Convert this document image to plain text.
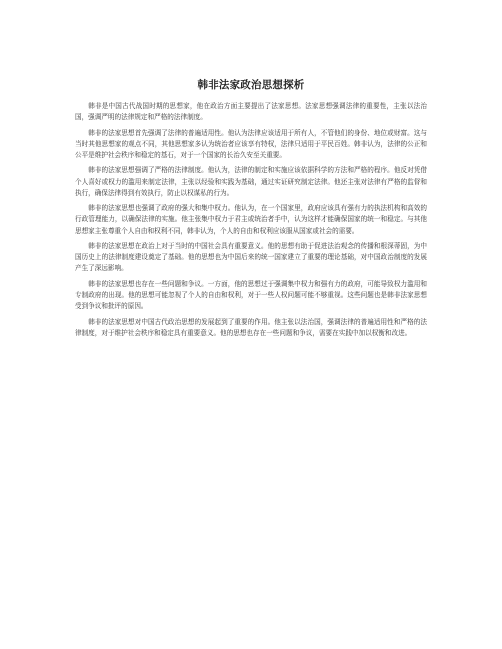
韩非法家政治思想探析

韩非是中国古代战国时期的思想家，他在政治方面主要提出了法家思想。法家思想强调法律的重要性，主张以法治国，强调严明的法律规定和严格的法律制度。

韩非的法家思想首先强调了法律的普遍适用性。他认为法律应该适用于所有人，不管他们的身份、地位或财富。这与当时其他思想家的观点不同，其他思想家多认为统治者应该享有特权，法律只适用于平民百姓。韩非认为，法律的公正和公平是维护社会秩序和稳定的基石，对于一个国家的长治久安至关重要。

韩非的法家思想强调了严格的法律制度。他认为，法律的制定和实施应该依据科学的方法和严格的程序。他反对凭借个人喜好或权力的滥用来制定法律，主张以经验和实践为基础，通过实证研究制定法律。他还主张对法律有严格的监督和执行，确保法律得到有效执行，防止以权谋私的行为。

韩非的法家思想也强调了政府的强大和集中权力。他认为，在一个国家里，政府应该具有强有力的执法机构和高效的行政管理能力，以确保法律的实施。他主张集中权力于君主或统治者手中，认为这样才能确保国家的统一和稳定。与其他思想家主张尊重个人自由和权利不同，韩非认为，个人的自由和权利应该服从国家或社会的需要。

韩非的法家思想在政治上对于当时的中国社会具有重要意义。他的思想有助于促进法治观念的传播和根深蒂固，为中国历史上的法律制度建设奠定了基础。他的思想也为中国后来的统一国家建立了重要的理论基础，对中国政治制度的发展产生了深远影响。

韩非的法家思想也存在一些问题和争议。一方面，他的思想过于强调集中权力和强有力的政府，可能导致权力滥用和专制政府的出现。他的思想可能忽视了个人的自由和权利，对于一些人权问题可能不够重视。这些问题也是韩非法家思想受到争议和批评的原因。

韩非的法家思想对中国古代政治思想的发展起到了重要的作用。他主张以法治国，强调法律的普遍适用性和严格的法律制度，对于维护社会秩序和稳定具有重要意义。他的思想也存在一些问题和争议，需要在实践中加以权衡和改进。
